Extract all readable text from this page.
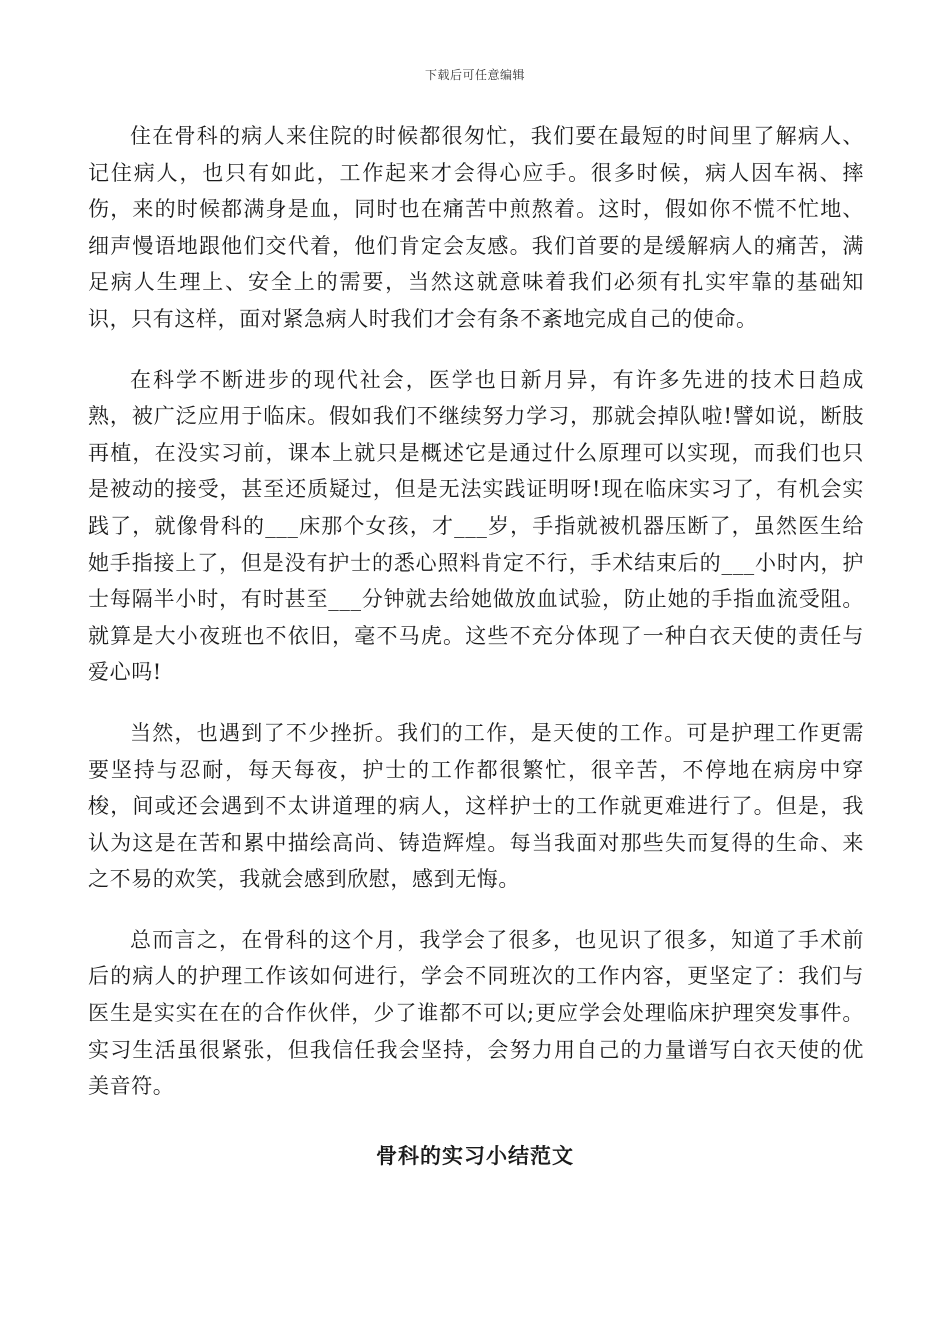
下载后可任意编辑

住在骨科的病人来住院的时候都很匆忙，我们要在最短的时间里了解病人、记住病人，也只有如此，工作起来才会得心应手。很多时候，病人因车祸、摔伤，来的时候都满身是血，同时也在痛苦中煎熬着。这时，假如你不慌不忙地、细声慢语地跟他们交代着，他们肯定会友感。我们首要的是缓解病人的痛苦，满足病人生理上、安全上的需要，当然这就意味着我们必须有扎实牢靠的基础知识，只有这样，面对紧急病人时我们才会有条不紊地完成自己的使命。

在科学不断进步的现代社会，医学也日新月异，有许多先进的技术日趋成熟，被广泛应用于临床。假如我们不继续努力学习，那就会掉队啦!譬如说，断肢再植，在没实习前，课本上就只是概述它是通过什么原理可以实现，而我们也只是被动的接受，甚至还质疑过，但是无法实践证明呀!现在临床实习了，有机会实践了，就像骨科的___床那个女孩，才___岁，手指就被机器压断了，虽然医生给她手指接上了，但是没有护士的悉心照料肯定不行，手术结束后的___小时内，护士每隔半小时，有时甚至___分钟就去给她做放血试验，防止她的手指血流受阻。就算是大小夜班也不依旧，毫不马虎。这些不充分体现了一种白衣天使的责任与爱心吗!

当然，也遇到了不少挫折。我们的工作，是天使的工作。可是护理工作更需要坚持与忍耐，每天每夜，护士的工作都很繁忙，很辛苦，不停地在病房中穿梭，间或还会遇到不太讲道理的病人，这样护士的工作就更难进行了。但是，我认为这是在苦和累中描绘高尚、铸造辉煌。每当我面对那些失而复得的生命、来之不易的欢笑，我就会感到欣慰，感到无悔。

总而言之，在骨科的这个月，我学会了很多，也见识了很多，知道了手术前后的病人的护理工作该如何进行，学会不同班次的工作内容，更坚定了：我们与医生是实实在在的合作伙伴，少了谁都不可以;更应学会处理临床护理突发事件。实习生活虽很紧张，但我信任我会坚持，会努力用自己的力量谱写白衣天使的优美音符。

骨科的实习小结范文
